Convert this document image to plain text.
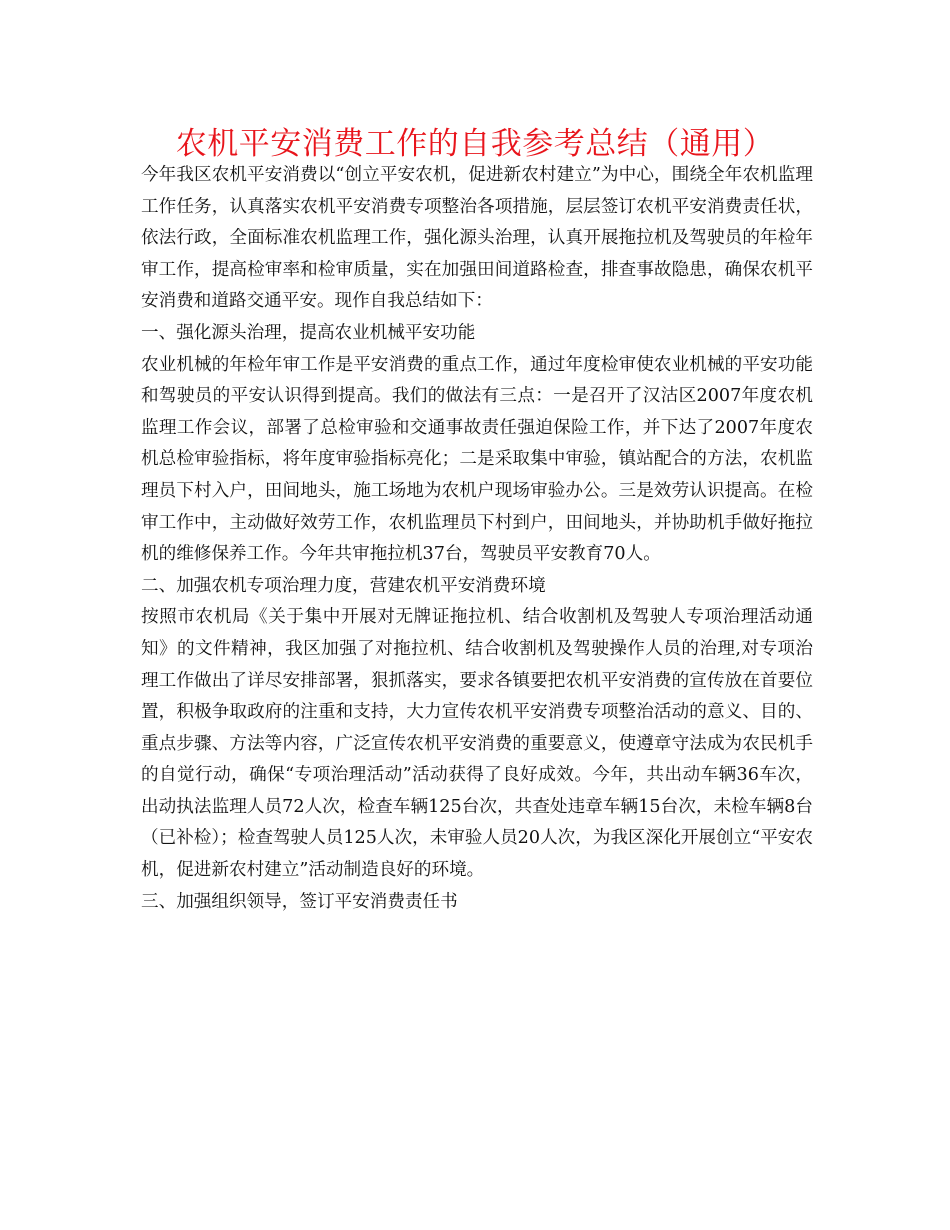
农机平安消费工作的自我参考总结（通用）

今年我区农机平安消费以“创立平安农机，促进新农村建立”为中心，围绕全年农机监理工作任务，认真落实农机平安消费专项整治各项措施，层层签订农机平安消费责任状，依法行政，全面标准农机监理工作，强化源头治理，认真开展拖拉机及驾驶员的年检年审工作，提高检审率和检审质量，实在加强田间道路检查，排查事故隐患，确保农机平安消费和道路交通平安。现作自我总结如下：

一、强化源头治理，提高农业机械平安功能

农业机械的年检年审工作是平安消费的重点工作，通过年度检审使农业机械的平安功能和驾驶员的平安认识得到提高。我们的做法有三点：一是召开了汉沽区2007年度农机监理工作会议，部署了总检审验和交通事故责任强迫保险工作，并下达了2007年度农机总检审验指标，将年度审验指标亮化；二是采取集中审验，镇站配合的方法，农机监理员下村入户，田间地头，施工场地为农机户现场审验办公。三是效劳认识提高。在检审工作中，主动做好效劳工作，农机监理员下村到户，田间地头，并协助机手做好拖拉机的维修保养工作。今年共审拖拉机37台，驾驶员平安教育70人。

二、加强农机专项治理力度，营建农机平安消费环境

按照市农机局《关于集中开展对无牌证拖拉机、结合收割机及驾驶人专项治理活动通知》的文件精神，我区加强了对拖拉机、结合收割机及驾驶操作人员的治理,对专项治理工作做出了详尽安排部署，狠抓落实，要求各镇要把农机平安消费的宣传放在首要位置，积极争取政府的注重和支持，大力宣传农机平安消费专项整治活动的意义、目的、重点步骤、方法等内容，广泛宣传农机平安消费的重要意义，使遵章守法成为农民机手的自觉行动，确保“专项治理活动”活动获得了良好成效。今年，共出动车辆36车次，出动执法监理人员72人次，检查车辆125台次，共查处违章车辆15台次，未检车辆8台（已补检）；检查驾驶人员125人次，未审验人员20人次，为我区深化开展创立“平安农机，促进新农村建立”活动制造良好的环境。

三、加强组织领导，签订平安消费责任书
